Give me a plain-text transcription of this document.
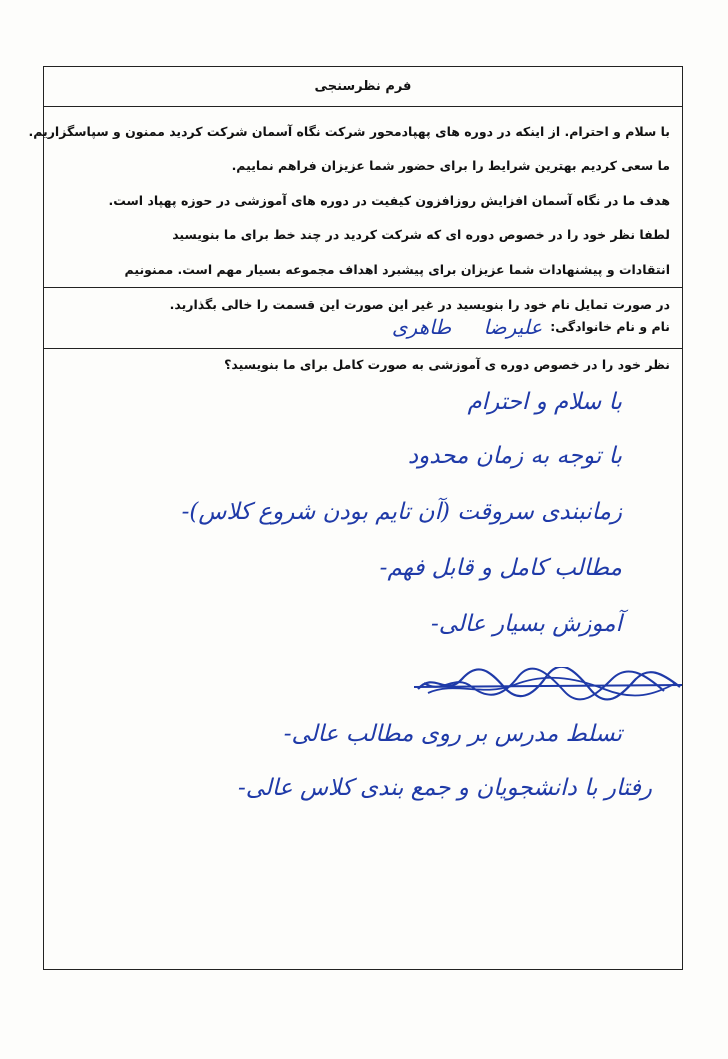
فرم نظرسنجی

با سلام و احترام. از اینکه در دوره های پهپادمحور شرکت نگاه آسمان شرکت کردید ممنون و سپاسگزاریم.

ما سعی کردیم بهترین شرایط را برای حضور شما عزیزان فراهم نماییم.

هدف ما در نگاه آسمان افزایش روزافزون کیفیت در دوره های آموزشی در حوزه پهپاد است.

لطفا نظر خود را در خصوص دوره ای که شرکت کردید در چند خط برای ما بنویسید

انتقادات و پیشنهادات شما عزیزان برای پیشبرد اهداف مجموعه بسیار مهم است. ممنونیم

در صورت تمایل نام خود را بنویسید در غیر این صورت این قسمت را خالی بگذارید.

نام و نام خانوادگی:
علیرضا طاهری

نظر خود را در خصوص دوره ی آموزشی به صورت کامل برای ما بنویسید؟

با سلام و احترام
با توجه به زمان محدود
زمانبندی سروقت (آن تایم بودن شروع کلاس)-
مطالب کامل و قابل فهم-
آموزش بسیار عالی-
تسلط مدرس بر روی مطالب عالی-
رفتار با دانشجویان و جمع بندی کلاس عالی-
